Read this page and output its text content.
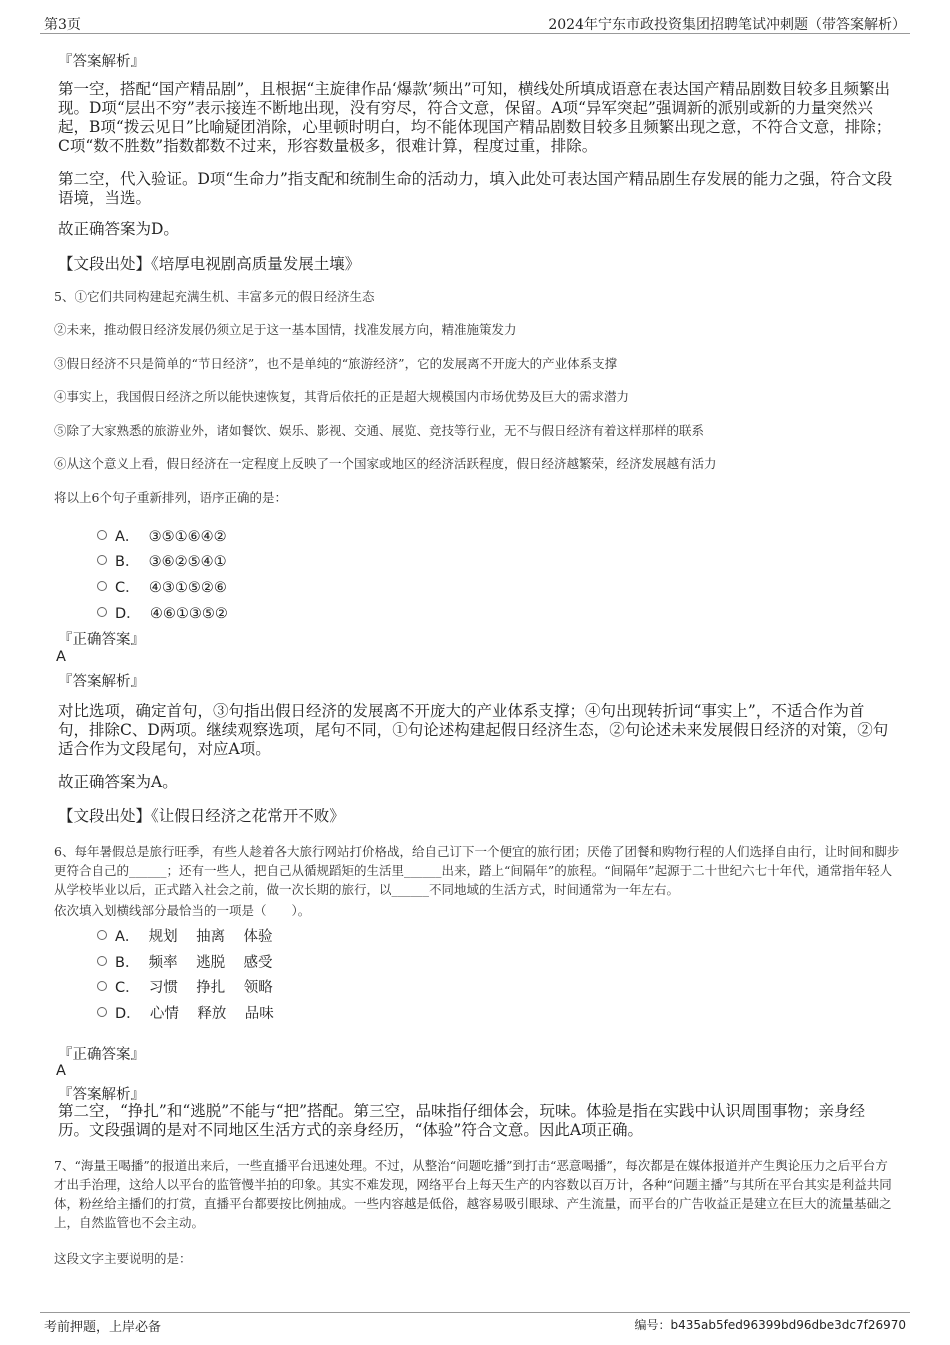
第3页	2024年宁东市政投资集团招聘笔试冲刺题（带答案解析）
『答案解析』
第一空，搭配“国产精品剧”，且根据“主旋律作品‘爆款’频出”可知，横线处所填成语意在表达国产精品剧数目较多且频繁出现。D项“层出不穷”表示接连不断地出现，没有穷尽，符合文意，保留。A项“异军突起”强调新的派别或新的力量突然兴起，B项“拨云见日”比喻疑团消除，心里顿时明白，均不能体现国产精品剧数目较多且频繁出现之意，不符合文意，排除；C项“数不胜数”指数都数不过来，形容数量极多，很难计算，程度过重，排除。
第二空，代入验证。D项“生命力”指支配和统制生命的活动力，填入此处可表达国产精品剧生存发展的能力之强，符合文段语境，当选。
故正确答案为D。
【文段出处】《培厚电视剧高质量发展土壤》
5、①它们共同构建起充满生机、丰富多元的假日经济生态
②未来，推动假日经济发展仍须立足于这一基本国情，找准发展方向，精准施策发力
③假日经济不只是简单的“节日经济”，也不是单纯的“旅游经济”，它的发展离不开庞大的产业体系支撑
④事实上，我国假日经济之所以能快速恢复，其背后依托的正是超大规模国内市场优势及巨大的需求潜力
⑤除了大家熟悉的旅游业外，诸如餐饮、娱乐、影视、交通、展览、竞技等行业，无不与假日经济有着这样那样的联系
⑥从这个意义上看，假日经济在一定程度上反映了一个国家或地区的经济活跃程度，假日经济越繁荣，经济发展越有活力
将以上6个句子重新排列，语序正确的是：
A．  ③⑤①⑥④②
B．  ③⑥②⑤④①
C．  ④③①⑤②⑥
D．  ④⑥①③⑤②
『正确答案』
A
『答案解析』
对比选项，确定首句，③句指出假日经济的发展离不开庞大的产业体系支撑；④句出现转折词“事实上”，不适合作为首句，排除C、D两项。继续观察选项，尾句不同，①句论述构建起假日经济生态，②句论述未来发展假日经济的对策，②句适合作为文段尾句，对应A项。
故正确答案为A。
【文段出处】《让假日经济之花常开不败》
6、每年暑假总是旅行旺季，有些人趁着各大旅行网站打价格战，给自己订下一个便宜的旅行团；厌倦了团餐和购物行程的人们选择自由行，让时间和脚步更符合自己的______；还有一些人，把自己从循规蹈矩的生活里______出来，踏上“间隔年”的旅程。“间隔年”起源于二十世纪六七十年代，通常指年轻人从学校毕业以后，正式踏入社会之前，做一次长期的旅行，以______不同地域的生活方式，时间通常为一年左右。
依次填入划横线部分最恰当的一项是（　　）。
A．  规划    抽离    体验
B．  频率    逃脱    感受
C．  习惯    挣扎    领略
D．  心情    释放    品味
『正确答案』
A
『答案解析』
第二空，“挣扎”和“逃脱”不能与“把”搭配。第三空，品味指仔细体会，玩味。体验是指在实践中认识周围事物；亲身经历。文段强调的是对不同地区生活方式的亲身经历，“体验”符合文意。因此A项正确。
7、“海量王喝播”的报道出来后，一些直播平台迅速处理。不过，从整治“问题吃播”到打击“恶意喝播”，每次都是在媒体报道并产生舆论压力之后平台方才出手治理，这给人以平台的监管慢半拍的印象。其实不难发现，网络平台上每天生产的内容数以百万计，各种“问题主播”与其所在平台其实是利益共同体，粉丝给主播们的打赏，直播平台都要按比例抽成。一些内容越是低俗，越容易吸引眼球、产生流量，而平台的广告收益正是建立在巨大的流量基础之上，自然监管也不会主动。
这段文字主要说明的是：
考前押题，上岸必备	编号：b435ab5fed96399bd96dbe3dc7f26970
